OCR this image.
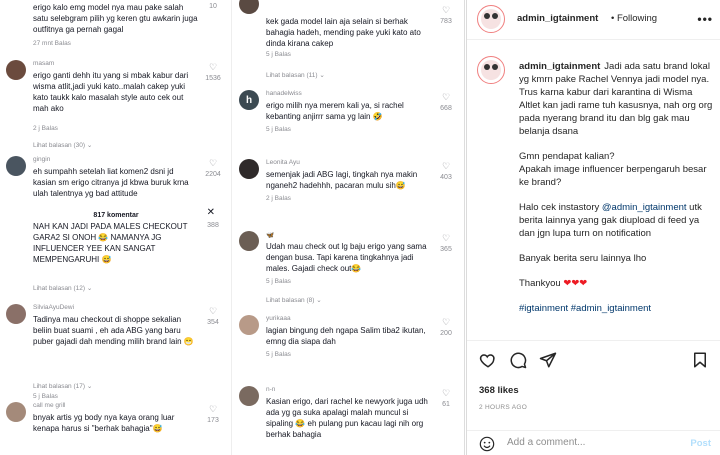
erigo kalo emg model nya mau pake salah satu selebgram pilih yg keren gtu awkarin juga outfitnya ga pernah gagal
27 mnt Balas
10
masam
erigo ganti dehh itu yang si mbak kabur dari wisma atlit,jadi yuki kato..malah cakep yuki kato taukk kalo masalah style auto cek out mah ako
2 j Balas
♡
1536
Lihat balasan (30) ⌄
gingin
eh sumpahh setelah liat komen2 dsni jd kasian sm erigo citranya jd kbwa buruk krna ulah talentnya yg bad attitude
♡
2204
817 komentar	✕
NAH KAN JADI PADA MALES CHECKOUT GARA2 SI ONOH 😂 NAMANYA JG INFLUENCER YEE KAN SANGAT MEMPENGARUHI 😅
388
Lihat balasan (12) ⌄
SilviaAyuDewi
Tadinya mau checkout di shoppe sekalian beliin buat suami , eh ada ABG yang baru puber gajadi dah mending milih brand lain 😁
♡
354
Lihat balasan (17) ⌄
5 j Balas
call me grill
bnyak artis yg body nya kaya orang luar kenapa harus si "berhak bahagia"😅
♡
173
kek gada model lain aja selain si berhak bahagia hadeh, mending pake yuki kato ato dinda kirana cakep
5 j Balas
♡
783
Lihat balasan (11) ⌄
h
hanadelwiss
erigo milih nya merem kali ya, si rachel kebanting anjirrr sama yg lain 🤣
5 j Balas
♡
668
Leonita Ayu
semenjak jadi ABG lagi, tingkah nya makin nganeh2 hadehhh, pacaran mulu sih😅
2 j Balas
♡
403
🦋
Udah mau check out lg baju erigo yang sama dengan busa. Tapi karena tingkahnya jadi males. Gajadi check out😂
5 j Balas
♡
365
Lihat balasan (8) ⌄
yurikaaa
lagian bingung deh ngapa Salim tiba2 ikutan, emng dia siapa dah
5 j Balas
♡
200
n-n
Kasian erigo, dari rachel ke newyork juga udh ada yg ga suka apalagi malah muncul si sipaling 😂 eh pulang pun kacau lagi nih org berhak bahagia
♡
61
admin_igtainment • Following	•••

admin_igtainment Jadi ada satu brand lokal yg kmrn pake Rachel Vennya jadi model nya. Trus karna kabur dari karantina di Wisma Altlet kan jadi rame tuh kasusnya, nah org org pada nyerang brand itu dan blg gak mau belanja dsana

Gmn pendapat kalian?
Apakah image influencer berpengaruh besar ke brand?

Halo cek instastory @admin_igtainment utk berita lainnya yang gak diupload di feed ya dan jgn lupa turn on notification

Banyak berita seru lainnya lho

Thankyou ❤❤❤

#igtainment #admin_igtainment

368 likes
2 HOURS AGO
Add a comment...	Post
